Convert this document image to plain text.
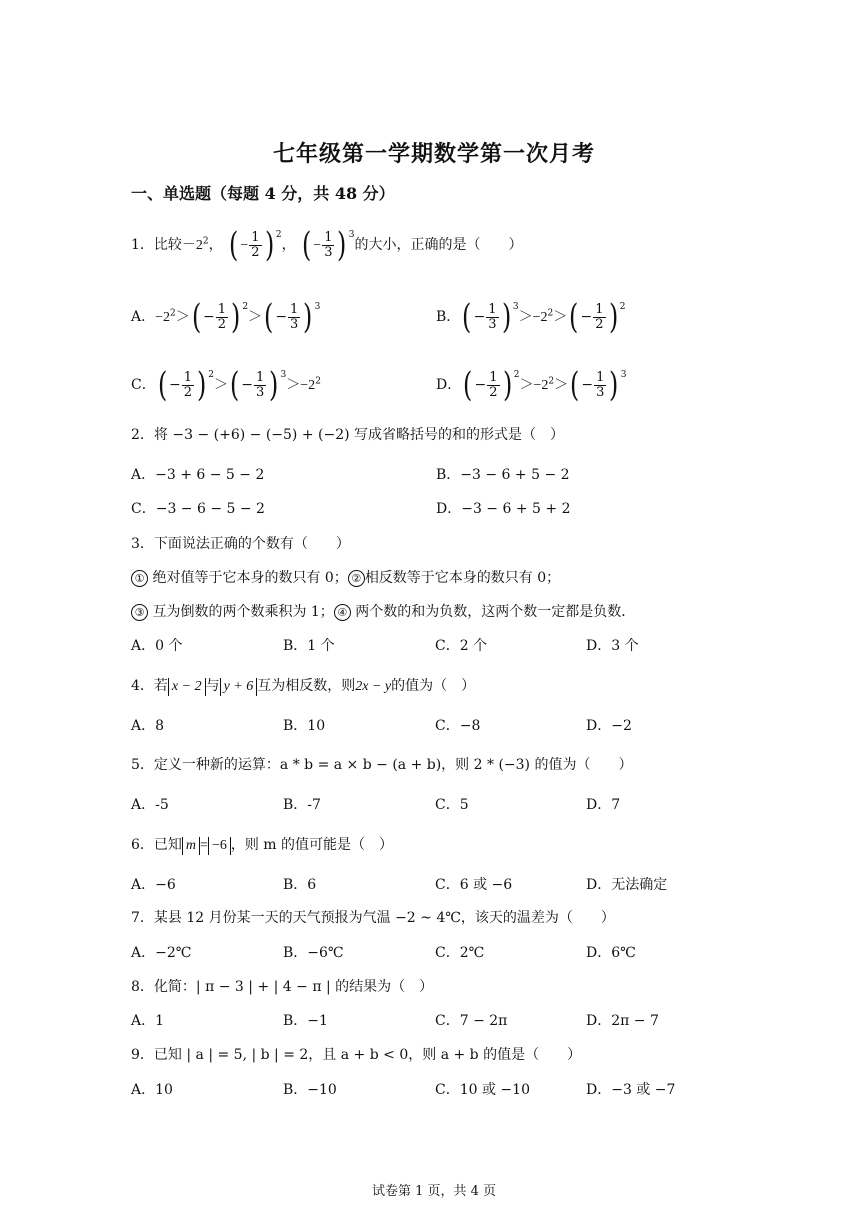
七年级第一学期数学第一次月考
一、单选题（每题 4 分，共 48 分）
1．比较$-2^2$， ( − $\frac{1}{2}$ ) $^2$， ( − $\frac{1}{3}$ ) $^3$的大小，正确的是（　　）
A．$-2^2>( - \frac{1}{2}$ ) $^2>( - \frac{1}{3}$ ) $^3$
B．( − $\frac{1}{3}$ ) $^3>-2^2>( - \frac{1}{2}$ ) $^2$
C．( − $\frac{1}{2}$ ) $^2>( - \frac{1}{3}$ ) $^3>-2^2$	D．( − $\frac{1}{2}$ ) $^2>-2^2>( - \frac{1}{3}$ ) $^3$
2．将 −3 − (+6) − (−5) + (−2) 写成省略括号的和的形式是（　）
A．−3 + 6 − 5 − 2	B．−3 − 6 + 5 − 2
C．−3 − 6 − 5 − 2	D．−3 − 6 + 5 + 2
3．下面说法正确的个数有（　　）
① 绝对值等于它本身的数只有 0； ② 相反数等于它本身的数只有 0；
③ 互为倒数的两个数乘积为 1； ④ 两个数的和为负数，这两个数一定都是负数．
A．0 个	B．1 个	C．2 个	D．3 个
4．若 x − 2 与 y + 6 互为相反数，则2x − y的值为（　）
A．8	B．10	C．−8	D．−2
5．定义一种新的运算：a * b = a × b − (a + b)，则 2 * (−3) 的值为（　　）
A．-5	B．-7	C．5	D．7
6．已知 m = −6 ，则 m 的值可能是（　）
A．−6	B．6	C．6 或 −6	D．无法确定
7．某县 12 月份某一天的天气预报为气温 −2 ~ 4℃，该天的温差为（　　）
A．−2℃	B．−6℃	C．2℃	D．6℃
8．化简：| π − 3 | + | 4 − π | 的结果为（　）
A．1	B．−1	C．7 − 2π	D．2π − 7
9．已知 | a | = 5, | b | = 2，且 a + b < 0，则 a + b 的值是（　　）
A．10	B．−10	C．10 或 −10	D．−3 或 −7
试卷第 1 页，共 4 页
